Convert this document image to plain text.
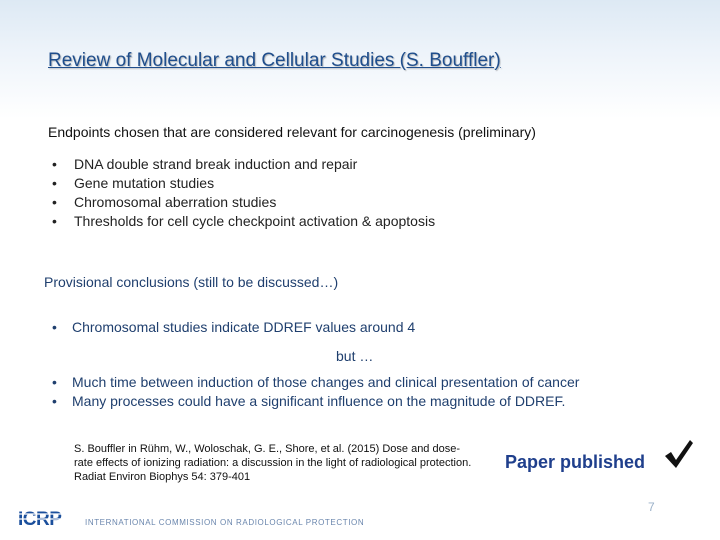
Review of Molecular and Cellular Studies (S. Bouffler)
Endpoints chosen that are considered relevant for carcinogenesis (preliminary)
• DNA double strand break induction and repair
• Gene mutation studies
• Chromosomal aberration studies
• Thresholds for cell cycle checkpoint activation & apoptosis
Provisional conclusions (still to be discussed…)
• Chromosomal studies indicate DDREF values around 4
but …
• Much time between induction of those changes and clinical presentation of cancer
• Many processes could have a significant influence on the magnitude of DDREF.
S. Bouffler in Rühm, W., Woloschak, G. E., Shore, et al. (2015) Dose and dose-rate effects of ionizing radiation: a discussion in the light of radiological protection. Radiat Environ Biophys 54: 379-401
Paper published
7
ICRP	INTERNATIONAL COMMISSION ON RADIOLOGICAL PROTECTION
